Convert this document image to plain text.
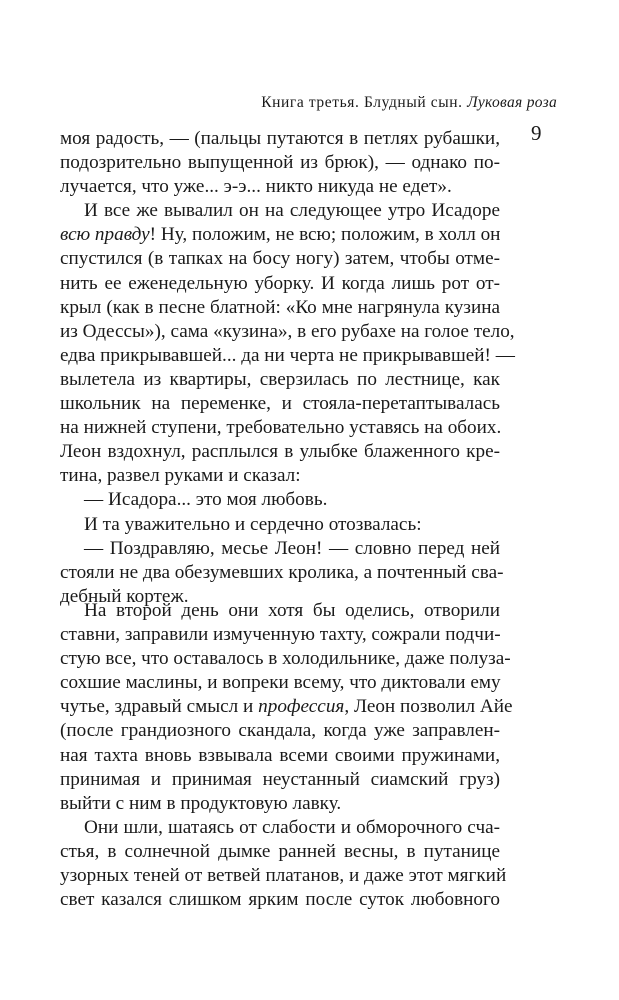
Книга третья. Блудный сын. Луковая роза
9
моя радость, — (пальцы путаются в петлях рубашки,
подозрительно выпущенной из брюк), — однако по-
лучается, что уже... э-э... никто никуда не едет».
И все же вывалил он на следующее утро Исадоре
всю правду! Ну, положим, не всю; положим, в холл он
спустился (в тапках на босу ногу) затем, чтобы отме-
нить ее еженедельную уборку. И когда лишь рот от-
крыл (как в песне блатной: «Ко мне нагрянула кузина
из Одессы»), сама «кузина», в его рубахе на голое тело,
едва прикрывавшей... да ни черта не прикрывавшей! —
вылетела из квартиры, сверзилась по лестнице, как
школьник на переменке, и стояла-перетаптывалась
на нижней ступени, требовательно уставясь на обоих.
Леон вздохнул, расплылся в улыбке блаженного кре-
тина, развел руками и сказал:
— Исадора... это моя любовь.
И та уважительно и сердечно отозвалась:
— Поздравляю, месье Леон! — словно перед ней
стояли не два обезумевших кролика, а почтенный сва-
дебный кортеж.
На второй день они хотя бы оделись, отворили
ставни, заправили измученную тахту, сожрали подчи-
стую все, что оставалось в холодильнике, даже полуза-
сохшие маслины, и вопреки всему, что диктовали ему
чутье, здравый смысл и профессия, Леон позволил Айе
(после грандиозного скандала, когда уже заправлен-
ная тахта вновь взвывала всеми своими пружинами,
принимая и принимая неустанный сиамский груз)
выйти с ним в продуктовую лавку.
Они шли, шатаясь от слабости и обморочного сча-
стья, в солнечной дымке ранней весны, в путанице
узорных теней от ветвей платанов, и даже этот мягкий
свет казался слишком ярким после суток любовного
